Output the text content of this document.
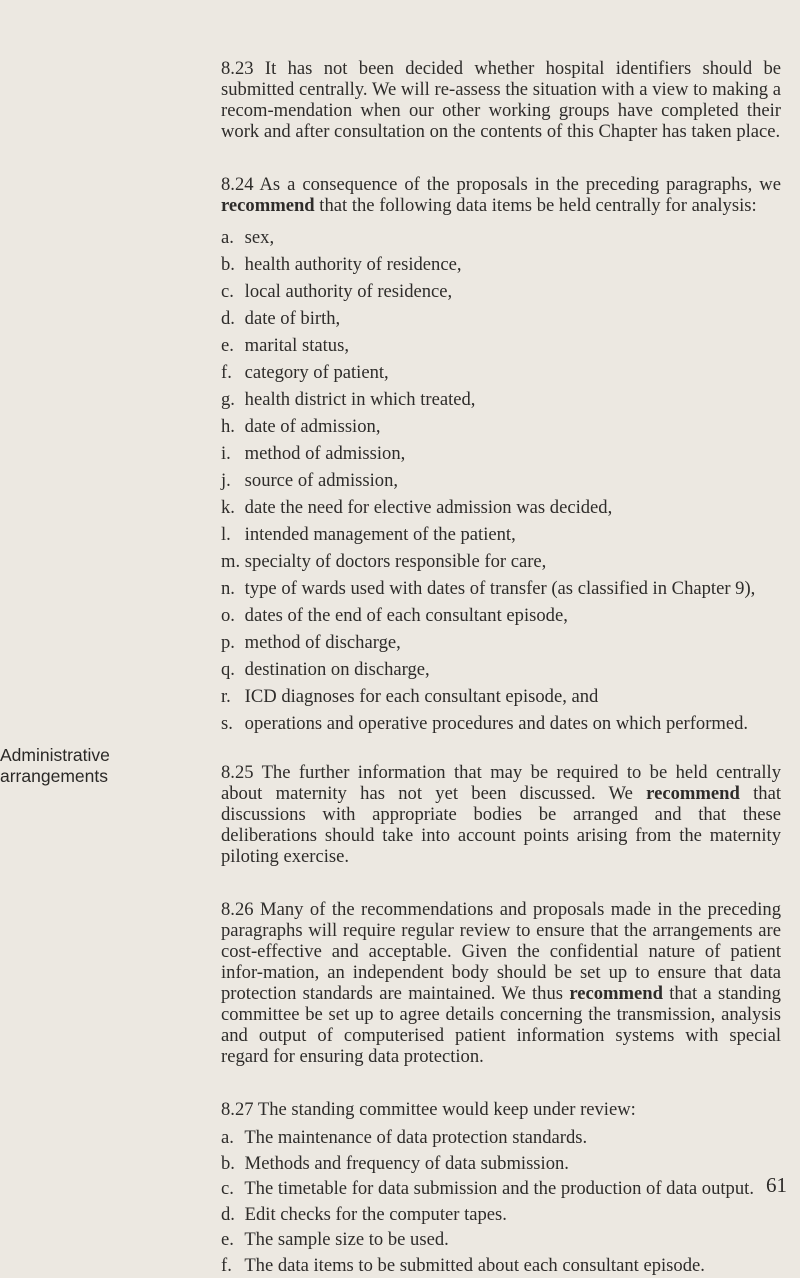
Administrative
arrangements

8.23 It has not been decided whether hospital identifiers should be submitted centrally. We will re-assess the situation with a view to making a recom-mendation when our other working groups have completed their work and after consultation on the contents of this Chapter has taken place.

8.24 As a consequence of the proposals in the preceding paragraphs, we recommend that the following data items be held centrally for analysis:

a. sex,
b. health authority of residence,
c. local authority of residence,
d. date of birth,
e. marital status,
f. category of patient,
g. health district in which treated,
h. date of admission,
i. method of admission,
j. source of admission,
k. date the need for elective admission was decided,
l. intended management of the patient,
m. specialty of doctors responsible for care,
n. type of wards used with dates of transfer (as classified in Chapter 9),
o. dates of the end of each consultant episode,
p. method of discharge,
q. destination on discharge,
r. ICD diagnoses for each consultant episode, and
s. operations and operative procedures and dates on which performed.

8.25 The further information that may be required to be held centrally about maternity has not yet been discussed. We recommend that discussions with appropriate bodies be arranged and that these deliberations should take into account points arising from the maternity piloting exercise.

8.26 Many of the recommendations and proposals made in the preceding paragraphs will require regular review to ensure that the arrangements are cost-effective and acceptable. Given the confidential nature of patient infor-mation, an independent body should be set up to ensure that data protection standards are maintained. We thus recommend that a standing committee be set up to agree details concerning the transmission, analysis and output of computerised patient information systems with special regard for ensuring data protection.

8.27 The standing committee would keep under review:

a. The maintenance of data protection standards.
b. Methods and frequency of data submission.
c. The timetable for data submission and the production of data output.
d. Edit checks for the computer tapes.
e. The sample size to be used.
f. The data items to be submitted about each consultant episode.
61
